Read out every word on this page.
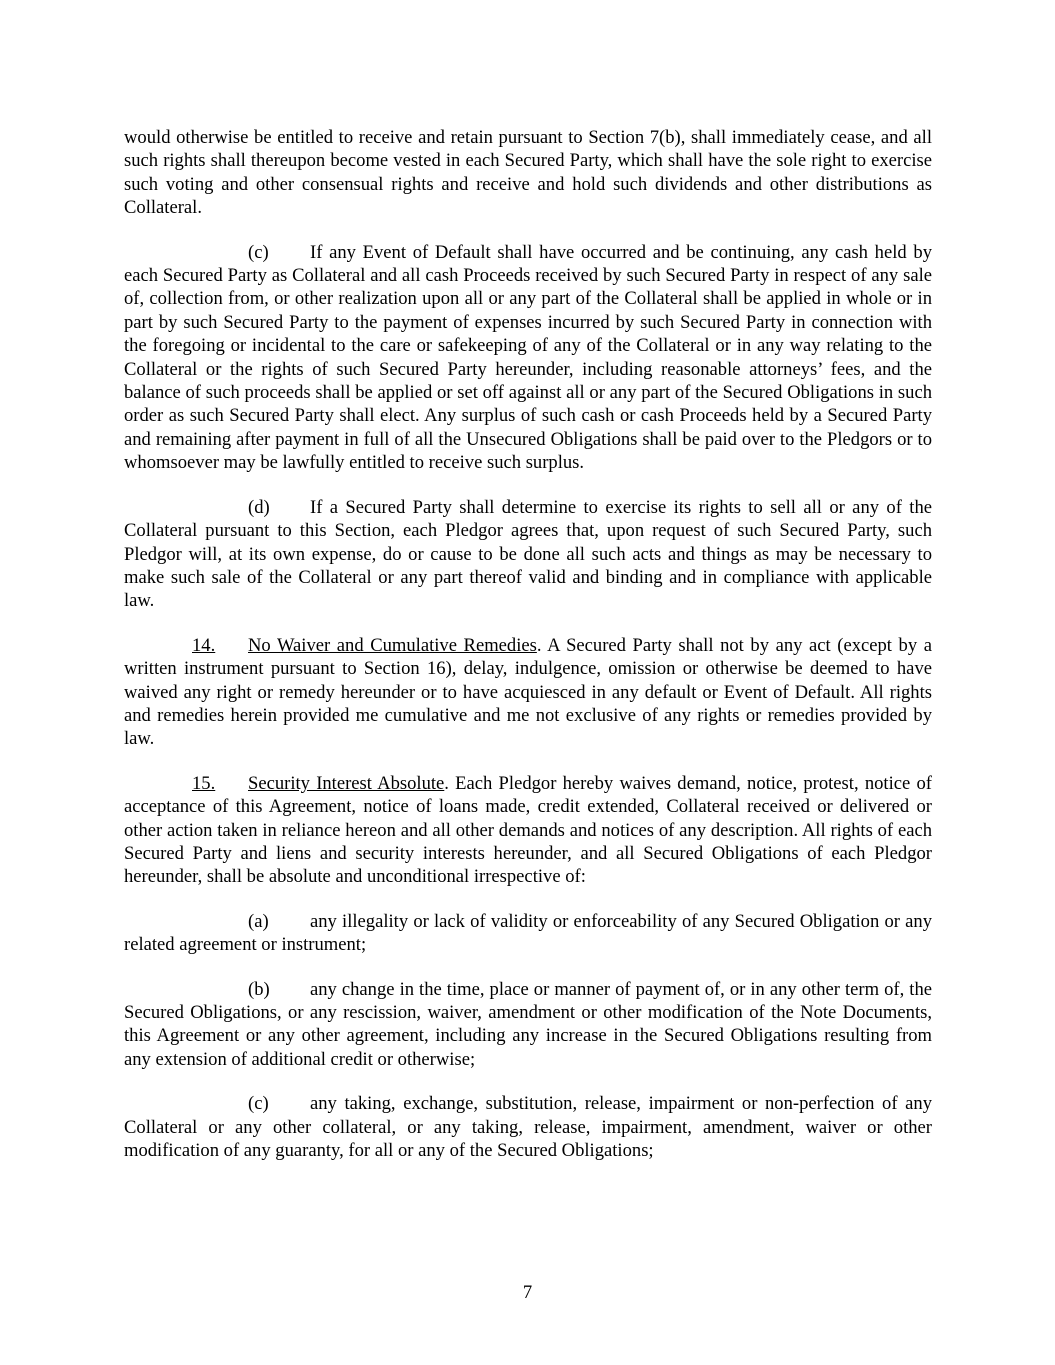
would otherwise be entitled to receive and retain pursuant to Section 7(b), shall immediately cease, and all such rights shall thereupon become vested in each Secured Party, which shall have the sole right to exercise such voting and other consensual rights and receive and hold such dividends and other distributions as Collateral.

(c) If any Event of Default shall have occurred and be continuing, any cash held by each Secured Party as Collateral and all cash Proceeds received by such Secured Party in respect of any sale of, collection from, or other realization upon all or any part of the Collateral shall be applied in whole or in part by such Secured Party to the payment of expenses incurred by such Secured Party in connection with the foregoing or incidental to the care or safekeeping of any of the Collateral or in any way relating to the Collateral or the rights of such Secured Party hereunder, including reasonable attorneys’ fees, and the balance of such proceeds shall be applied or set off against all or any part of the Secured Obligations in such order as such Secured Party shall elect. Any surplus of such cash or cash Proceeds held by a Secured Party and remaining after payment in full of all the Unsecured Obligations shall be paid over to the Pledgors or to whomsoever may be lawfully entitled to receive such surplus.

(d) If a Secured Party shall determine to exercise its rights to sell all or any of the Collateral pursuant to this Section, each Pledgor agrees that, upon request of such Secured Party, such Pledgor will, at its own expense, do or cause to be done all such acts and things as may be necessary to make such sale of the Collateral or any part thereof valid and binding and in compliance with applicable law.

14. No Waiver and Cumulative Remedies. A Secured Party shall not by any act (except by a written instrument pursuant to Section 16), delay, indulgence, omission or otherwise be deemed to have waived any right or remedy hereunder or to have acquiesced in any default or Event of Default. All rights and remedies herein provided me cumulative and me not exclusive of any rights or remedies provided by law.

15. Security Interest Absolute. Each Pledgor hereby waives demand, notice, protest, notice of acceptance of this Agreement, notice of loans made, credit extended, Collateral received or delivered or other action taken in reliance hereon and all other demands and notices of any description. All rights of each Secured Party and liens and security interests hereunder, and all Secured Obligations of each Pledgor hereunder, shall be absolute and unconditional irrespective of:

(a) any illegality or lack of validity or enforceability of any Secured Obligation or any related agreement or instrument;

(b) any change in the time, place or manner of payment of, or in any other term of, the Secured Obligations, or any rescission, waiver, amendment or other modification of the Note Documents, this Agreement or any other agreement, including any increase in the Secured Obligations resulting from any extension of additional credit or otherwise;

(c) any taking, exchange, substitution, release, impairment or non-perfection of any Collateral or any other collateral, or any taking, release, impairment, amendment, waiver or other modification of any guaranty, for all or any of the Secured Obligations;

7
